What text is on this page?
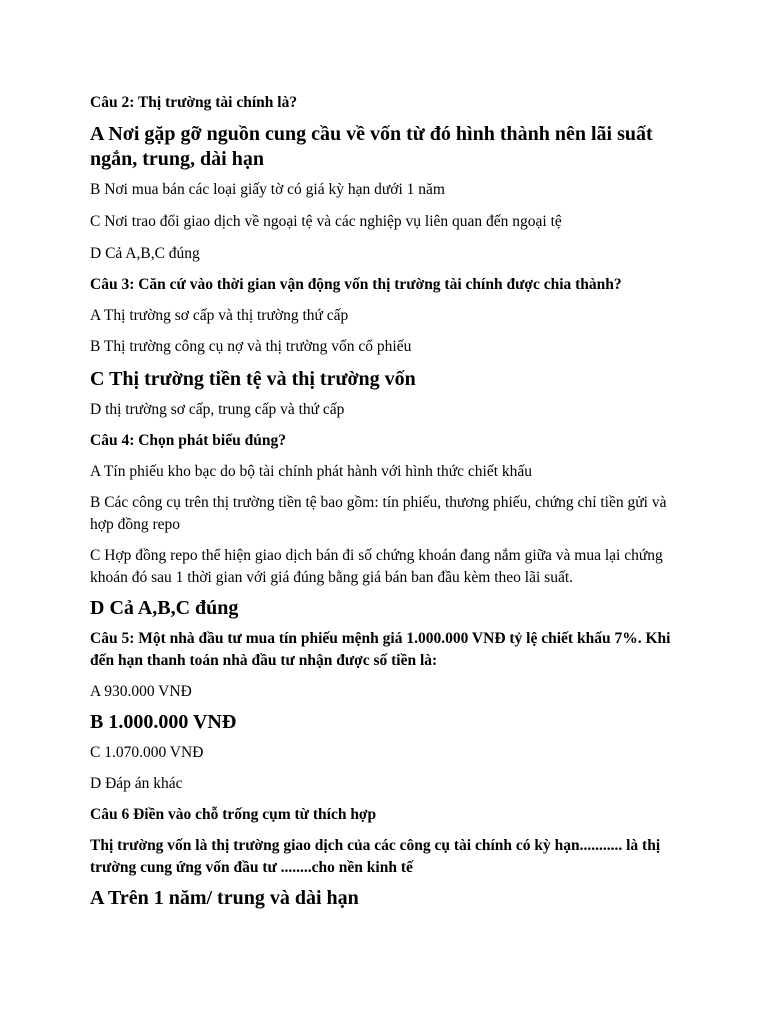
Câu 2: Thị trường tài chính là?

A Nơi gặp gỡ nguồn cung cầu về vốn từ đó hình thành nên lãi suất ngắn, trung, dài hạn

B Nơi mua bán các loại giấy tờ có giá kỳ hạn dưới 1 năm

C Nơi trao đổi giao dịch về ngoại tệ và các nghiệp vụ liên quan đến ngoại tệ

D Cả A,B,C đúng

Câu 3: Căn cứ vào thời gian vận động vốn thị trường tài chính được chia thành?

A Thị trường sơ cấp và thị trường thứ cấp

B Thị trường công cụ nợ và thị trường vốn cổ phiếu

C Thị trường tiền tệ và thị trường vốn

D thị trường sơ cấp, trung cấp và thứ cấp

Câu 4: Chọn phát biểu đúng?

A Tín phiếu kho bạc do bộ tài chính phát hành với hình thức chiết khấu

B Các công cụ trên thị trường tiền tệ bao gồm: tín phiếu, thương phiếu, chứng chỉ tiền gửi và hợp đồng repo

C Hợp đồng repo thể hiện giao dịch bán đi số chứng khoán đang nắm giữa và mua lại chứng khoán đó sau 1 thời gian với giá đúng bằng giá bán ban đầu kèm theo lãi suất.

D Cả A,B,C đúng

Câu 5: Một nhà đầu tư mua tín phiếu mệnh giá 1.000.000 VNĐ tỷ lệ chiết khấu 7%. Khi đến hạn thanh toán nhà đầu tư nhận được số tiền là:

A 930.000 VNĐ

B 1.000.000 VNĐ

C 1.070.000 VNĐ

D Đáp án khác

Câu 6 Điền vào chỗ trống cụm từ thích hợp

Thị trường vốn là thị trường giao dịch của các công cụ tài chính có kỳ hạn........... là thị trường cung ứng vốn đầu tư ........cho nền kinh tế

A Trên 1 năm/ trung và dài hạn
